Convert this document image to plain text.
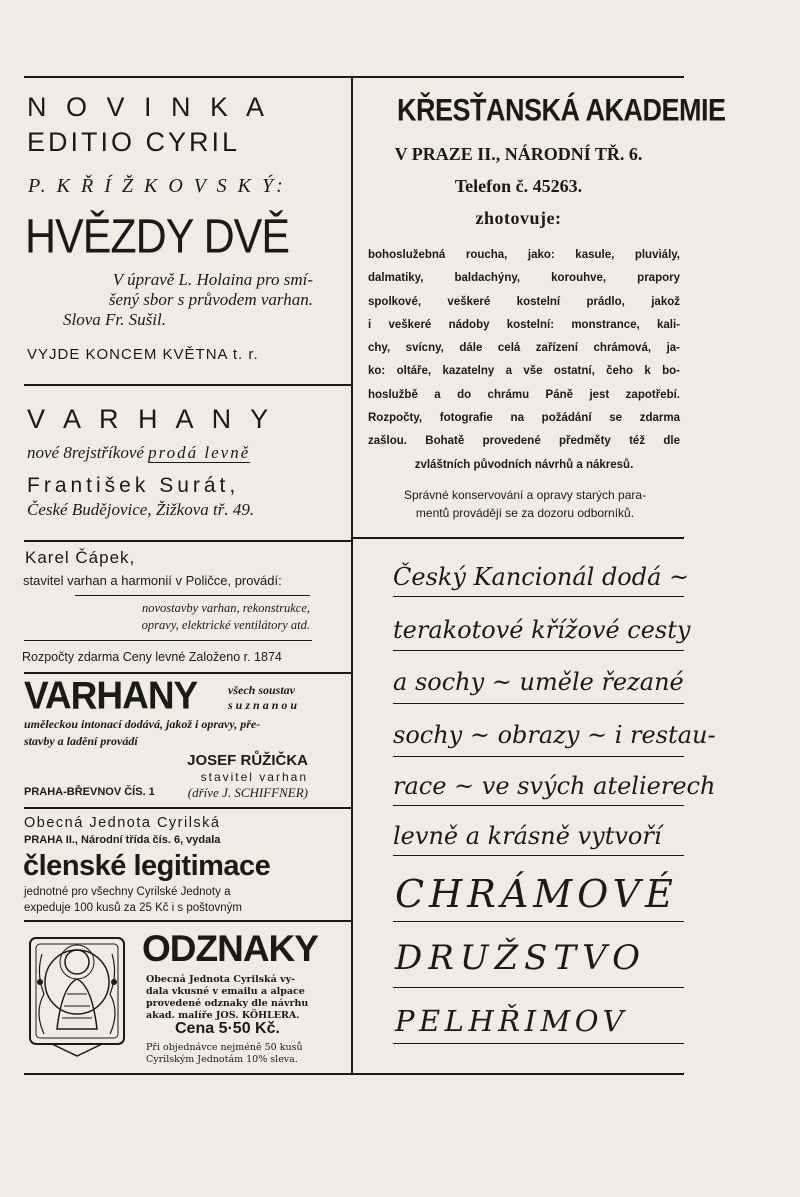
N O V I N K A
EDITIO CYRIL
P. K Ř Í Ž K O V S K Ý:
HVĚZDY DVĚ
V úpravě L. Holaina pro smí-
šený sbor s průvodem varhan.
Slova Fr. Sušil.
VYJDE KONCEM KVĚTNA t. r.
V A R H A N Y
nové 8rejstříkové prodá levně
František Surát,
České Budějovice, Žižkova tř. 49.
Karel Čápek,
stavitel varhan a harmonií v Poličce, provádí:
novostavby varhan, rekonstrukce,
opravy, elektrické ventilátory atd.
Rozpočty zdarma Ceny levné Založeno r. 1874
VARHANY	všech soustav
s u z n a n o u
uměleckou intonací dodává, jakož i opravy, pře-
stavby a ladění provádí
JOSEF RŮŽIČKA
stavitel varhan
PRAHA-BŘEVNOV ČÍS. 1	(dříve J. SCHIFFNER)
Obecná Jednota Cyrilská
PRAHA II., Národní třída čís. 6, vydala
členské legitimace
jednotné pro všechny Cyrilské Jednoty a
expeduje 100 kusů za 25 Kč i s poštovným
ODZNAKY
Obecná Jednota Cyrilská vy-
dala vkusné v emailu a alpace
provedené odznaky dle návrhu
akad. malíře JOS. KÖHLERA.
Cena 5·50 Kč.
Při objednávce nejméně 50 kusů
Cyrilským Jednotám 10% sleva.
KŘESŤANSKÁ AKADEMIE
V PRAZE II., NÁRODNÍ TŘ. 6.
Telefon č. 45263.
zhotovuje:
bohoslužebná roucha, jako: kasule, pluviály,
dalmatiky, baldachýny, korouhve, prapory
spolkové, veškeré kostelní prádlo, jakož
i veškeré nádoby kostelní: monstrance, kali-
chy, svícny, dále celá zařízení chrámová, ja-
ko: oltáře, kazatelny a vše ostatní, čeho k bo-
hoslužbě a do chrámu Páně jest zapotřebí.
Rozpočty, fotografie na požádání se zdarma
zašlou. Bohatě provedené předměty též dle
zvláštních původních návrhů a nákresů.
Správné konservování a opravy starých para-
mentů provádějí se za dozoru odborníků.
Český Kancionál dodá ~
terakotové křížové cesty
a sochy ~ uměle řezané
sochy ~ obrazy ~ i restau-
race ~ ve svých atelierech
levně a krásně vytvoří
CHRÁMOVÉ
DRUŽSTVO
PELHŘIMOV
